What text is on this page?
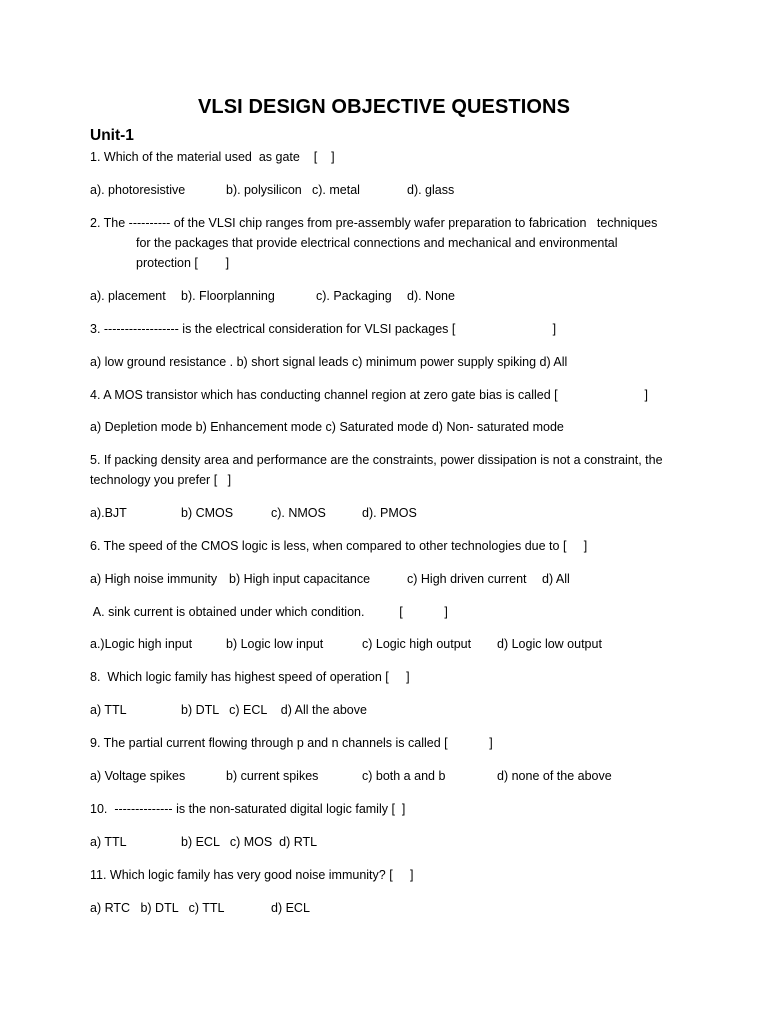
VLSI DESIGN OBJECTIVE QUESTIONS
Unit-1
1. Which of the material used  as gate    [    ]
a). photoresistive	b). polysilicon c). metal	d). glass
2. The ---------- of the VLSI chip ranges from pre-assembly wafer preparation to fabrication   techniques
for the packages that provide electrical connections and mechanical and environmental
protection [        ]
a). placement b). Floorplanning	c). Packaging d). None
3. ------------------ is the electrical consideration for VLSI packages [                            ]
a) low ground resistance . b) short signal leads c) minimum power supply spiking d) All
4. A MOS transistor which has conducting channel region at zero gate bias is called [                         ]
a) Depletion mode b) Enhancement mode c) Saturated mode d) Non- saturated mode
5. If packing density area and performance are the constraints, power dissipation is not a constraint, the
technology you prefer [   ]
a).BJT	b) CMOS	c). NMOS	d). PMOS
6. The speed of the CMOS logic is less, when compared to other technologies due to [     ]
a) High noise immunity b) High input capacitance	c) High driven current d) All
A. sink current is obtained under which condition.          [            ]
a.)Logic high input	b) Logic low input	c) Logic high output d) Logic low output
8.  Which logic family has highest speed of operation [     ]
a) TTL	b) DTL   c) ECL    d) All the above
9. The partial current flowing through p and n channels is called [            ]
a) Voltage spikes	b) current spikes	c) both a and b	d) none of the above
10.  -------------- is the non-saturated digital logic family [  ]
a) TTL	b) ECL   c) MOS  d) RTL
11. Which logic family has very good noise immunity? [     ]
a) RTC   b) DTL   c) TTL	d) ECL
